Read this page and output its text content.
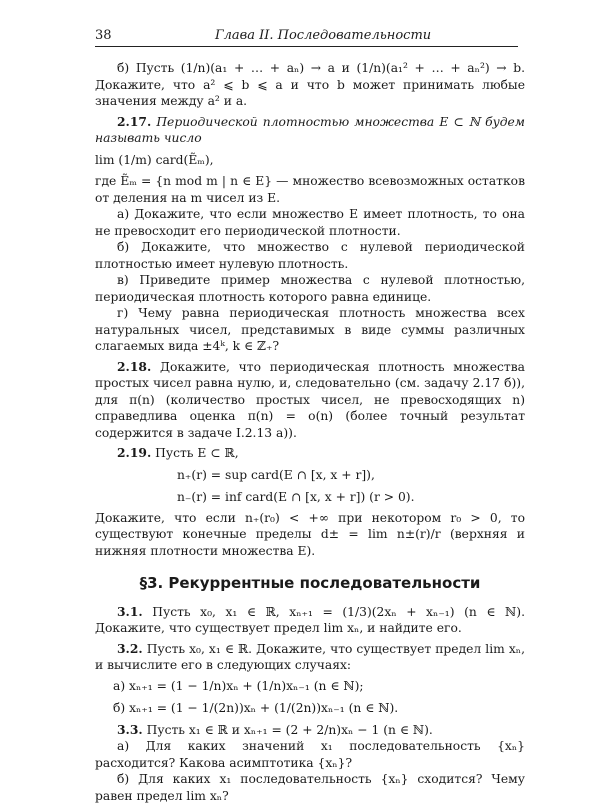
38	Глава II. Последовательности

б) Пусть (1/n)(a₁ + … + aₙ) → a и (1/n)(a₁² + … + aₙ²) → b. Докажите, что a² ⩽ b ⩽ a и что b может принимать любые значения между a² и a.

2.17. Периодической плотностью множества E ⊂ ℕ будем называть число

lim (1/m) card(Ẽₘ),

где Ẽₘ = {n mod m | n ∈ E} — множество всевозможных остатков от деления на m чисел из E.

а) Докажите, что если множество E имеет плотность, то она не превосходит его периодической плотности.

б) Докажите, что множество с нулевой периодической плотностью имеет нулевую плотность.

в) Приведите пример множества с нулевой плотностью, периодическая плотность которого равна единице.

г) Чему равна периодическая плотность множества всех натуральных чисел, представимых в виде суммы различных слагаемых вида ±4ᵏ, k ∈ ℤ₊?

2.18. Докажите, что периодическая плотность множества простых чисел равна нулю, и, следовательно (см. задачу 2.17 б)), для π(n) (количество простых чисел, не превосходящих n) справедлива оценка π(n) = o(n) (более точный результат содержится в задаче I.2.13 а)).

2.19. Пусть E ⊂ ℝ,

n₊(r) = sup card(E ∩ [x, x + r]),

n₋(r) = inf card(E ∩ [x, x + r]) (r > 0).

Докажите, что если n₊(r₀) < +∞ при некотором r₀ > 0, то существуют конечные пределы d± = lim n±(r)/r (верхняя и нижняя плотности множества E).

§3. Рекуррентные последовательности

3.1. Пусть x₀, x₁ ∈ ℝ, xₙ₊₁ = (1/3)(2xₙ + xₙ₋₁) (n ∈ ℕ). Докажите, что существует предел lim xₙ, и найдите его.

3.2. Пусть x₀, x₁ ∈ ℝ. Докажите, что существует предел lim xₙ, и вычислите его в следующих случаях:

а) xₙ₊₁ = (1 − 1/n)xₙ + (1/n)xₙ₋₁ (n ∈ ℕ);

б) xₙ₊₁ = (1 − 1/(2n))xₙ + (1/(2n))xₙ₋₁ (n ∈ ℕ).

3.3. Пусть x₁ ∈ ℝ и xₙ₊₁ = (2 + 2/n)xₙ − 1 (n ∈ ℕ).

а) Для каких значений x₁ последовательность {xₙ} расходится? Какова асимптотика {xₙ}?

б) Для каких x₁ последовательность {xₙ} сходится? Чему равен предел lim xₙ?
